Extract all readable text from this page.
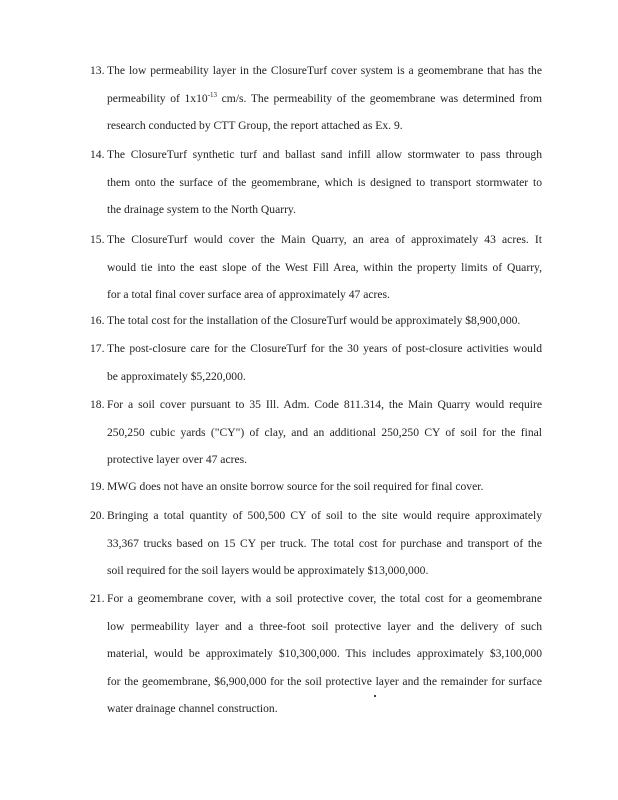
13. The low permeability layer in the ClosureTurf cover system is a geomembrane that has the
permeability of $1x10^{-13}$ cm/s. The permeability of the geomembrane was determined from
research conducted by CTT Group, the report attached as Ex. 9.
14. The ClosureTurf synthetic turf and ballast sand infill allow stormwater to pass through
them onto the surface of the geomembrane, which is designed to transport stormwater to
the drainage system to the North Quarry.
15. The ClosureTurf would cover the Main Quarry, an area of approximately 43 acres. It
would tie into the east slope of the West Fill Area, within the property limits of Quarry,
for a total final cover surface area of approximately 47 acres.
16. The total cost for the installation of the ClosureTurf would be approximately $8,900,000.
17. The post-closure care for the ClosureTurf for the 30 years of post-closure activities would
be approximately $5,220,000.
18. For a soil cover pursuant to 35 Ill. Adm. Code 811.314, the Main Quarry would require
250,250 cubic yards ("CY") of clay, and an additional 250,250 CY of soil for the final
protective layer over 47 acres.
19. MWG does not have an onsite borrow source for the soil required for final cover.
20. Bringing a total quantity of 500,500 CY of soil to the site would require approximately
33,367 trucks based on 15 CY per truck. The total cost for purchase and transport of the
soil required for the soil layers would be approximately $13,000,000.
21. For a geomembrane cover, with a soil protective cover, the total cost for a geomembrane
low permeability layer and a three-foot soil protective layer and the delivery of such
material, would be approximately $10,300,000. This includes approximately $3,100,000
for the geomembrane, $6,900,000 for the soil protective layer and the remainder for surface
water drainage channel construction.
